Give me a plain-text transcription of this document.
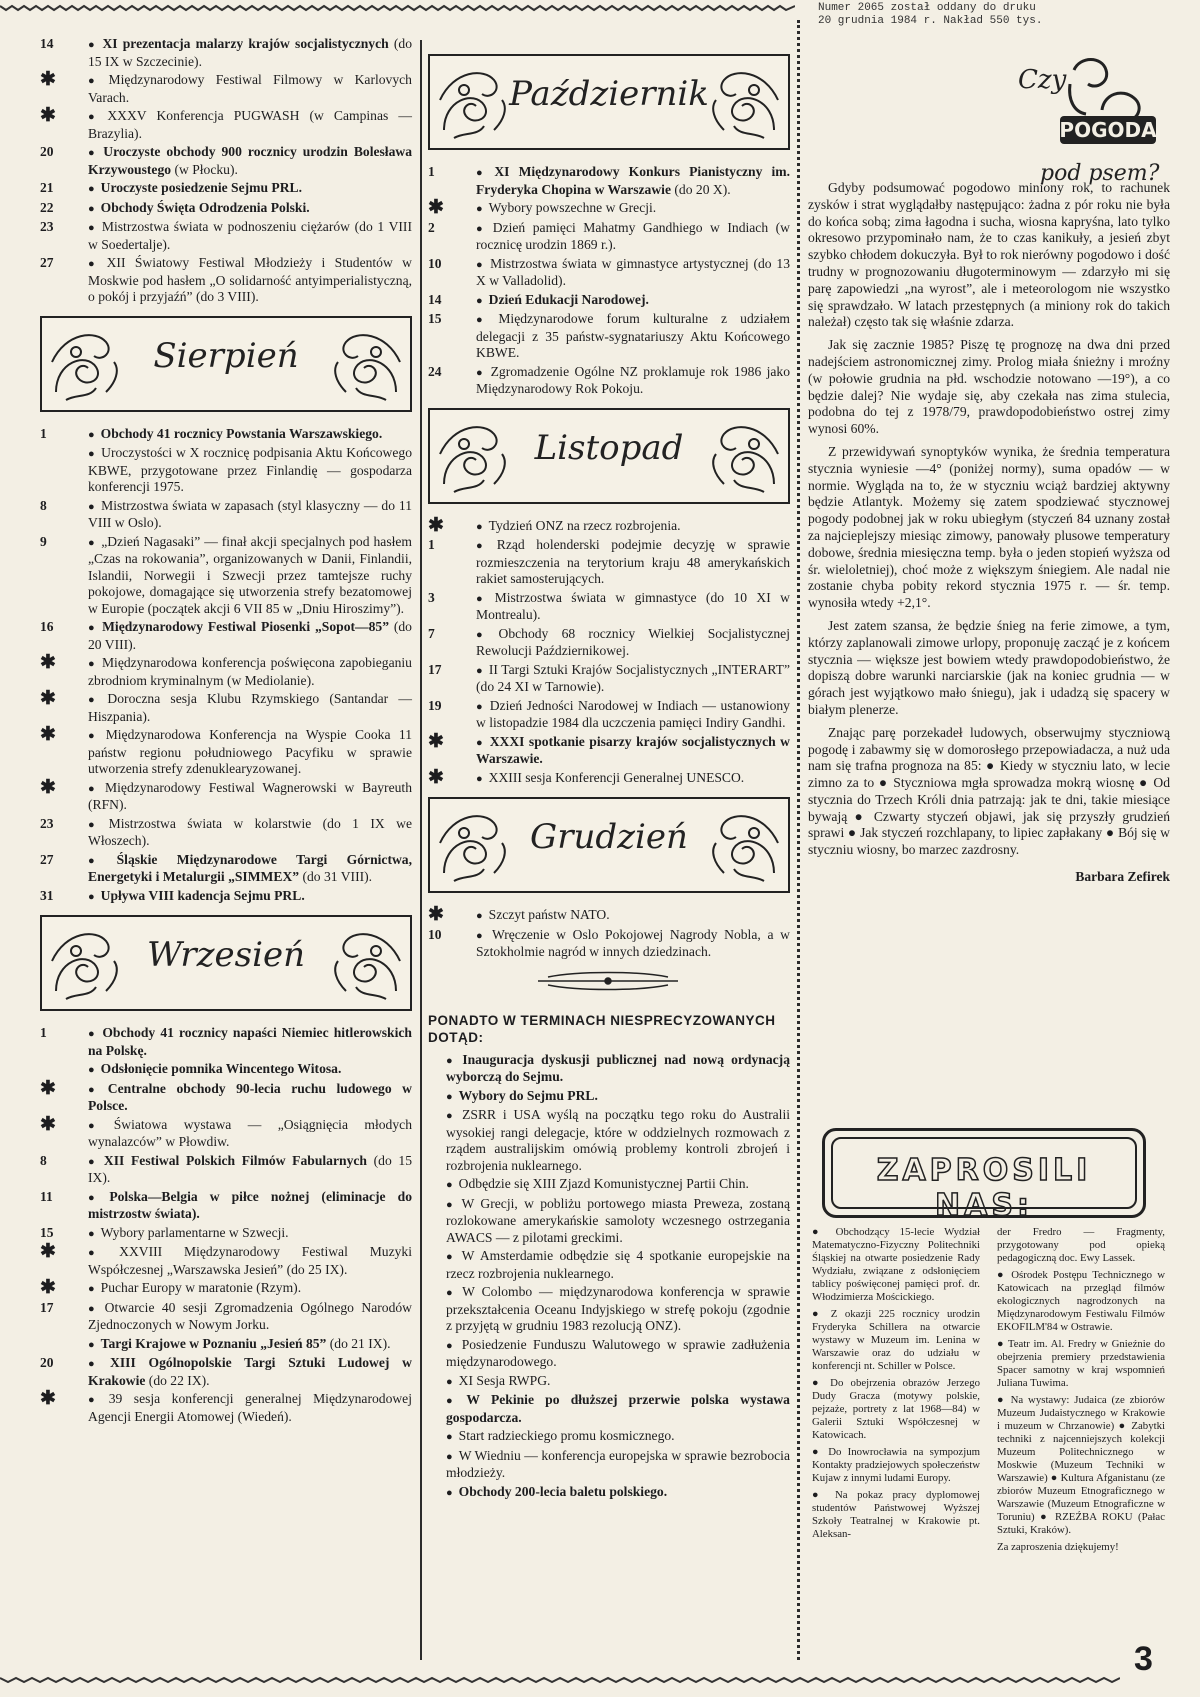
Numer 2065 został oddany do druku
20 grudnia 1984 r. Nakład 550 tys.
14	● XI prezentacja malarzy krajów socjalistycznych (do 15 IX w Szczecinie).
✱	● Międzynarodowy Festiwal Filmowy w Karlovych Varach.
✱	● XXXV Konferencja PUGWASH (w Campinas — Brazylia).
20	● Uroczyste obchody 900 rocznicy urodzin Bolesława Krzywoustego (w Płocku).
21	● Uroczyste posiedzenie Sejmu PRL.
22	● Obchody Święta Odrodzenia Polski.
23	● Mistrzostwa świata w podnoszeniu ciężarów (do 1 VIII w Soedertalje).
27	● XII Światowy Festiwal Młodzieży i Studentów w Moskwie pod hasłem „O solidarność antyimperialistyczną, o pokój i przyjaźń” (do 3 VIII).
Sierpień
1	● Obchody 41 rocznicy Powstania Warszawskiego.
● Uroczystości w X rocznicę podpisania Aktu Końcowego KBWE, przygotowane przez Finlandię — gospodarza konferencji 1975.
8	● Mistrzostwa świata w zapasach (styl klasyczny — do 11 VIII w Oslo).
9	● „Dzień Nagasaki” — finał akcji specjalnych pod hasłem „Czas na rokowania”, organizowanych w Danii, Finlandii, Islandii, Norwegii i Szwecji przez tamtejsze ruchy pokojowe, domagające się utworzenia strefy bezatomowej w Europie (początek akcji 6 VII 85 w „Dniu Hiroszimy”).
16	● Międzynarodowy Festiwal Piosenki „Sopot—85” (do 20 VIII).
✱	● Międzynarodowa konferencja poświęcona zapobieganiu zbrodniom kryminalnym (w Mediolanie).
✱	● Doroczna sesja Klubu Rzymskiego (Santandar — Hiszpania).
✱	● Międzynarodowa Konferencja na Wyspie Cooka 11 państw regionu południowego Pacyfiku w sprawie utworzenia strefy zdenuklearyzowanej.
✱	● Międzynarodowy Festiwal Wagnerowski w Bayreuth (RFN).
23	● Mistrzostwa świata w kolarstwie (do 1 IX we Włoszech).
27	● Śląskie Międzynarodowe Targi Górnictwa, Energetyki i Metalurgii „SIMMEX” (do 31 VIII).
31	● Upływa VIII kadencja Sejmu PRL.
Wrzesień
1	● Obchody 41 rocznicy napaści Niemiec hitlerowskich na Polskę.
● Odsłonięcie pomnika Wincentego Witosa.
✱	● Centralne obchody 90-lecia ruchu ludowego w Polsce.
✱	● Światowa wystawa — „Osiągnięcia młodych wynalazców” w Płowdiw.
8	● XII Festiwal Polskich Filmów Fabularnych (do 15 IX).
11	● Polska—Belgia w piłce nożnej (eliminacje do mistrzostw świata).
15	● Wybory parlamentarne w Szwecji.
✱	● XXVIII Międzynarodowy Festiwal Muzyki Współczesnej „Warszawska Jesień” (do 25 IX).
✱	● Puchar Europy w maratonie (Rzym).
17	● Otwarcie 40 sesji Zgromadzenia Ogólnego Narodów Zjednoczonych w Nowym Jorku.
● Targi Krajowe w Poznaniu „Jesień 85” (do 21 IX).
20	● XIII Ogólnopolskie Targi Sztuki Ludowej w Krakowie (do 22 IX).
✱	● 39 sesja konferencji generalnej Międzynarodowej Agencji Energii Atomowej (Wiedeń).
Październik
1	● XI Międzynarodowy Konkurs Pianistyczny im. Fryderyka Chopina w Warszawie (do 20 X).
✱	● Wybory powszechne w Grecji.
2	● Dzień pamięci Mahatmy Gandhiego w Indiach (w rocznicę urodzin 1869 r.).
10	● Mistrzostwa świata w gimnastyce artystycznej (do 13 X w Valladolid).
14	● Dzień Edukacji Narodowej.
15	● Międzynarodowe forum kulturalne z udziałem delegacji z 35 państw-sygnatariuszy Aktu Końcowego KBWE.
24	● Zgromadzenie Ogólne NZ proklamuje rok 1986 jako Międzynarodowy Rok Pokoju.
Listopad
✱	● Tydzień ONZ na rzecz rozbrojenia.
1	● Rząd holenderski podejmie decyzję w sprawie rozmieszczenia na terytorium kraju 48 amerykańskich rakiet samosterujących.
3	● Mistrzostwa świata w gimnastyce (do 10 XI w Montrealu).
7	● Obchody 68 rocznicy Wielkiej Socjalistycznej Rewolucji Październikowej.
17	● II Targi Sztuki Krajów Socjalistycznych „INTERART” (do 24 XI w Tarnowie).
19	● Dzień Jedności Narodowej w Indiach — ustanowiony w listopadzie 1984 dla uczczenia pamięci Indiry Gandhi.
✱	● XXXI spotkanie pisarzy krajów socjalistycznych w Warszawie.
✱	● XXIII sesja Konferencji Generalnej UNESCO.
Grudzień
✱	● Szczyt państw NATO.
10	● Wręczenie w Oslo Pokojowej Nagrody Nobla, a w Sztokholmie nagród w innych dziedzinach.
PONADTO W TERMINACH NIESPRECYZOWANYCH DOTĄD:
● Inauguracja dyskusji publicznej nad nową ordynacją wyborczą do Sejmu.
● Wybory do Sejmu PRL.
● ZSRR i USA wyślą na początku tego roku do Australii wysokiej rangi delegacje, które w oddzielnych rozmowach z rządem australijskim omówią problemy kontroli zbrojeń i rozbrojenia nuklearnego.
● Odbędzie się XIII Zjazd Komunistycznej Partii Chin.
● W Grecji, w pobliżu portowego miasta Preweza, zostaną rozlokowane amerykańskie samoloty wczesnego ostrzegania AWACS — z pilotami greckimi.
● W Amsterdamie odbędzie się 4 spotkanie europejskie na rzecz rozbrojenia nuklearnego.
● W Colombo — międzynarodowa konferencja w sprawie przekształcenia Oceanu Indyjskiego w strefę pokoju (zgodnie z przyjętą w grudniu 1983 rezolucją ONZ).
● Posiedzenie Funduszu Walutowego w sprawie zadłużenia międzynarodowego.
● XI Sesja RWPG.
● W Pekinie po dłuższej przerwie polska wystawa gospodarcza.
● Start radzieckiego promu kosmicznego.
● W Wiedniu — konferencja europejska w sprawie bezrobocia młodzieży.
● Obchody 200-lecia baletu polskiego.
Czy
POGODA
pod psem?

Gdyby podsumować pogodowo miniony rok, to rachunek zysków i strat wyglądałby następująco: żadna z pór roku nie była do końca sobą; zima łagodna i sucha, wiosna kapryśna, lato tylko okresowo przypominało nam, że to czas kanikuły, a jesień zbyt szybko chłodem dokuczyła. Był to rok nierówny pogodowo i dość trudny w prognozowaniu długoterminowym — zdarzyło mi się parę zapowiedzi „na wyrost”, ale i meteorologom nie wszystko się sprawdzało. W latach przestępnych (a miniony rok do takich należał) często tak się właśnie zdarza.

Jak się zacznie 1985? Piszę tę prognozę na dwa dni przed nadejściem astronomicznej zimy. Prolog miała śnieżny i mroźny (w połowie grudnia na płd. wschodzie notowano —19°), a co będzie dalej? Nie wydaje się, aby czekała nas zima stulecia, podobna do tej z 1978/79, prawdopodobieństwo ostrej zimy wynosi 60%.

Z przewidywań synoptyków wynika, że średnia temperatura stycznia wyniesie —4° (poniżej normy), suma opadów — w normie. Wygląda na to, że w styczniu wciąż bardziej aktywny będzie Atlantyk. Możemy się zatem spodziewać stycznowej pogody podobnej jak w roku ubiegłym (styczeń 84 uznany został za najcieplejszy miesiąc zimowy, panowały plusowe temperatury dobowe, średnia miesięczna temp. była o jeden stopień wyższa od śr. wieloletniej), choć może z większym śniegiem. Ale nadal nie zostanie chyba pobity rekord stycznia 1975 r. — śr. temp. wynosiła wtedy +2,1°.

Jest zatem szansa, że będzie śnieg na ferie zimowe, a tym, którzy zaplanowali zimowe urlopy, proponuję zacząć je z końcem stycznia — większe jest bowiem wtedy prawdopodobieństwo, że dopiszą dobre warunki narciarskie (jak na koniec grudnia — w górach jest wyjątkowo mało śniegu), jak i udadzą się spacery w białym plenerze.

Znając parę porzekadeł ludowych, obserwujmy styczniową pogodę i zabawmy się w domorosłego przepowiadacza, a nuż uda nam się trafna prognoza na 85: ● Kiedy w styczniu lato, w lecie zimno za to ● Styczniowa mgła sprowadza mokrą wiosnę ● Od stycznia do Trzech Króli dnia patrzają: jak te dni, takie miesiące bywają ● Czwarty styczeń objawi, jak się przyszły grudzień sprawi ● Jak styczeń rozchlapany, to lipiec zapłakany ● Bój się w styczniu wiosny, bo marzec zazdrosny.

Barbara Zefirek
ZAPROSILI NAS:

● Obchodzący 15-lecie Wydział Matematyczno-Fizyczny Politechniki Śląskiej na otwarte posiedzenie Rady Wydziału, związane z odsłonięciem tablicy poświęconej pamięci prof. dr. Włodzimierza Mościckiego.

● Z okazji 225 rocznicy urodzin Fryderyka Schillera na otwarcie wystawy w Muzeum im. Lenina w Warszawie oraz do udziału w konferencji nt. Schiller w Polsce.

● Do obejrzenia obrazów Jerzego Dudy Gracza (motywy polskie, pejzaże, portrety z lat 1968—84) w Galerii Sztuki Współczesnej w Katowicach.

● Do Inowrocławia na sympozjum Kontakty pradziejowych społeczeństw Kujaw z innymi ludami Europy.

● Na pokaz pracy dyplomowej studentów Państwowej Wyższej Szkoły Teatralnej w Krakowie pt. Aleksan-

der Fredro — Fragmenty, przygotowany pod opieką pedagogiczną doc. Ewy Lassek.

● Ośrodek Postępu Technicznego w Katowicach na przegląd filmów ekologicznych nagrodzonych na Międzynarodowym Festiwalu Filmów EKOFILM'84 w Ostrawie.

● Teatr im. Al. Fredry w Gnieźnie do obejrzenia premiery przedstawienia Spacer samotny w kraj wspomnień Juliana Tuwima.

● Na wystawy: Judaica (ze zbiorów Muzeum Judaistycznego w Krakowie i muzeum w Chrzanowie) ● Zabytki techniki z najcenniejszych kolekcji Muzeum Politechnicznego w Moskwie (Muzeum Techniki w Warszawie) ● Kultura Afganistanu (ze zbiorów Muzeum Etnograficznego w Warszawie (Muzeum Etnograficzne w Toruniu) ● RZEŹBA ROKU (Pałac Sztuki, Kraków).

Za zaproszenia dziękujemy!

3
